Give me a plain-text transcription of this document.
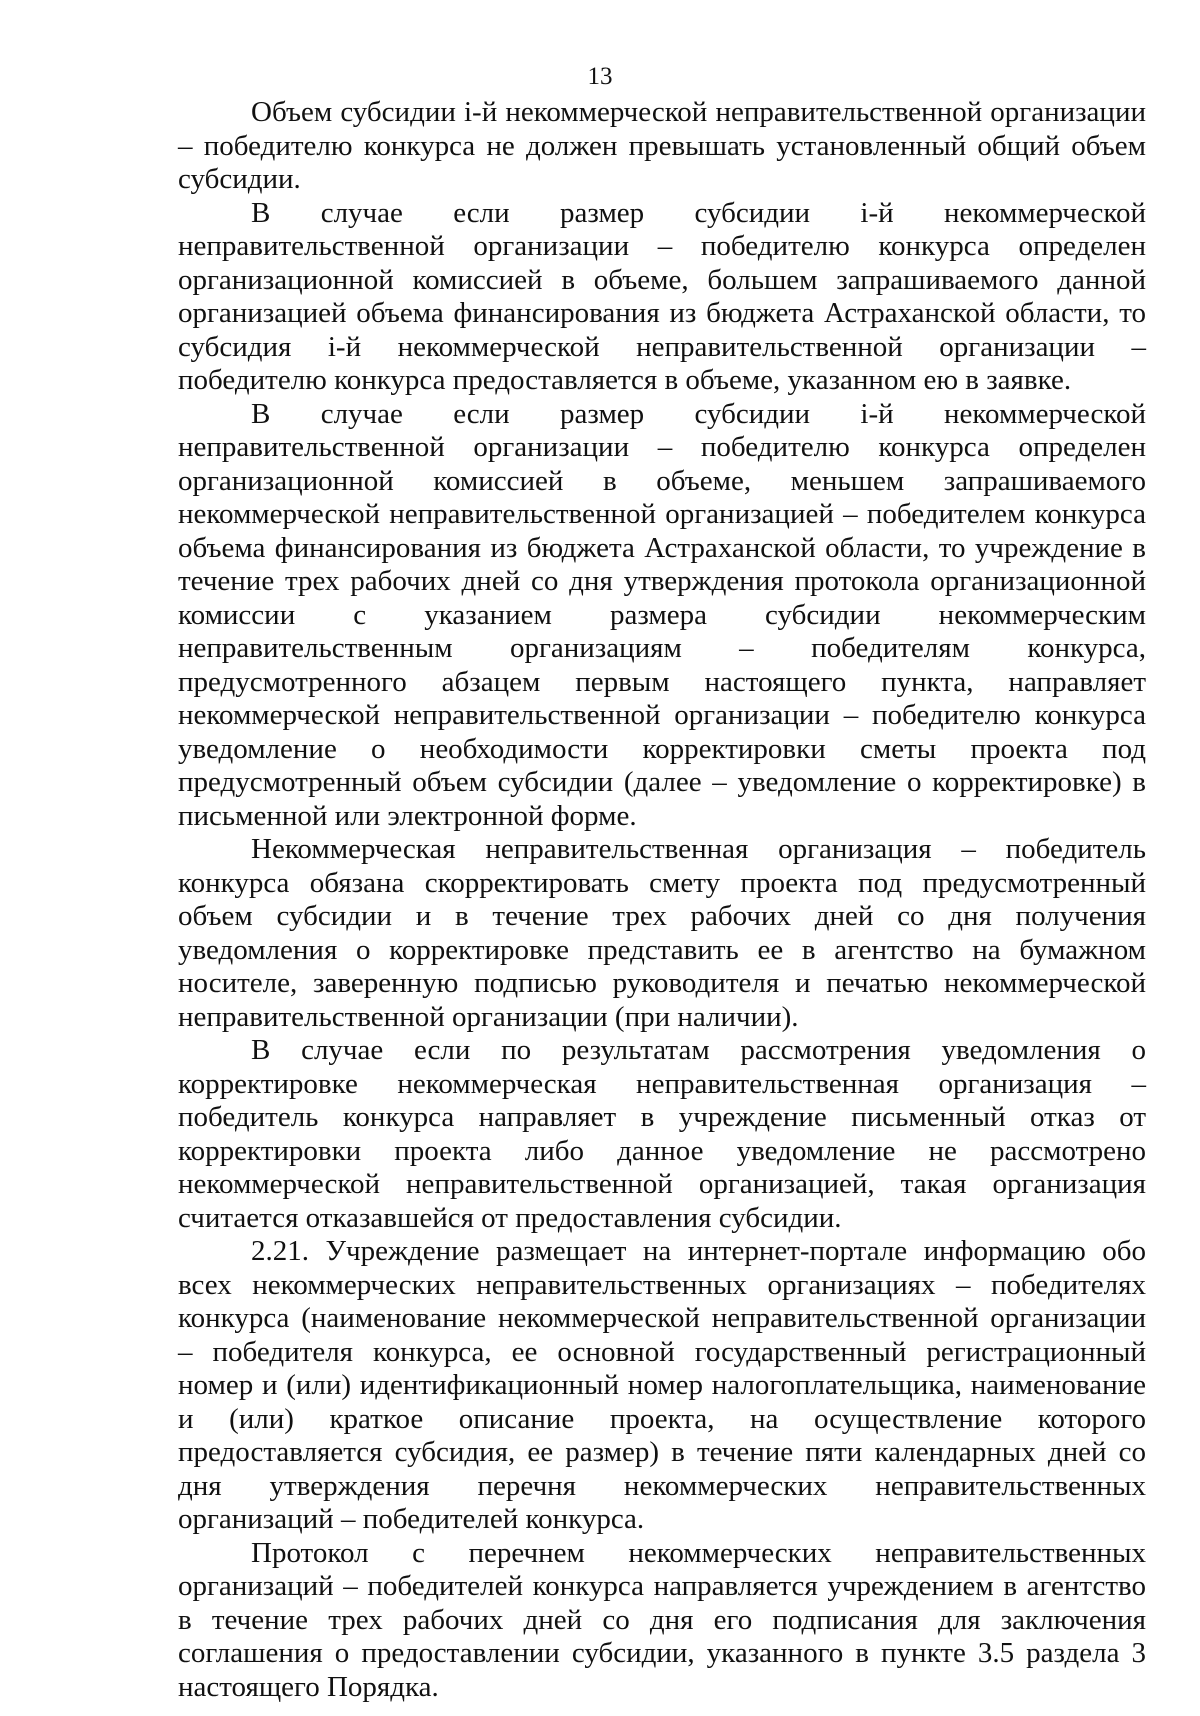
13

Объем субсидии i-й некоммерческой неправительственной организации – победителю конкурса не должен превышать установленный общий объем субсидии.

В случае если размер субсидии i-й некоммерческой неправительственной организации – победителю конкурса определен организационной комиссией в объеме, большем запрашиваемого данной организацией объема финансирования из бюджета Астраханской области, то субсидия i-й некоммерческой неправительственной организации – победителю конкурса предоставляется в объеме, указанном ею в заявке.

В случае если размер субсидии i-й некоммерческой неправительственной организации – победителю конкурса определен организационной комиссией в объеме, меньшем запрашиваемого некоммерческой неправительственной организацией – победителем конкурса объема финансирования из бюджета Астраханской области, то учреждение в течение трех рабочих дней со дня утверждения протокола организационной комиссии с указанием размера субсидии некоммерческим неправительственным организациям – победителям конкурса, предусмотренного абзацем первым настоящего пункта, направляет некоммерческой неправительственной организации – победителю конкурса уведомление о необходимости корректировки сметы проекта под предусмотренный объем субсидии (далее – уведомление о корректировке) в письменной или электронной форме.

Некоммерческая неправительственная организация – победитель конкурса обязана скорректировать смету проекта под предусмотренный объем субсидии и в течение трех рабочих дней со дня получения уведомления о корректировке представить ее в агентство на бумажном носителе, заверенную подписью руководителя и печатью некоммерческой неправительственной организации (при наличии).

В случае если по результатам рассмотрения уведомления о корректировке некоммерческая неправительственная организация – победитель конкурса направляет в учреждение письменный отказ от корректировки проекта либо данное уведомление не рассмотрено некоммерческой неправительственной организацией, такая организация считается отказавшейся от предоставления субсидии.

2.21. Учреждение размещает на интернет-портале информацию обо всех некоммерческих неправительственных организациях – победителях конкурса (наименование некоммерческой неправительственной организации – победителя конкурса, ее основной государственный регистрационный номер и (или) идентификационный номер налогоплательщика, наименование и (или) краткое описание проекта, на осуществление которого предоставляется субсидия, ее размер) в течение пяти календарных дней со дня утверждения перечня некоммерческих неправительственных организаций – победителей конкурса.

Протокол с перечнем некоммерческих неправительственных организаций – победителей конкурса направляется учреждением в агентство в течение трех рабочих дней со дня его подписания для заключения соглашения о предоставлении субсидии, указанного в пункте 3.5 раздела 3 настоящего Порядка.
